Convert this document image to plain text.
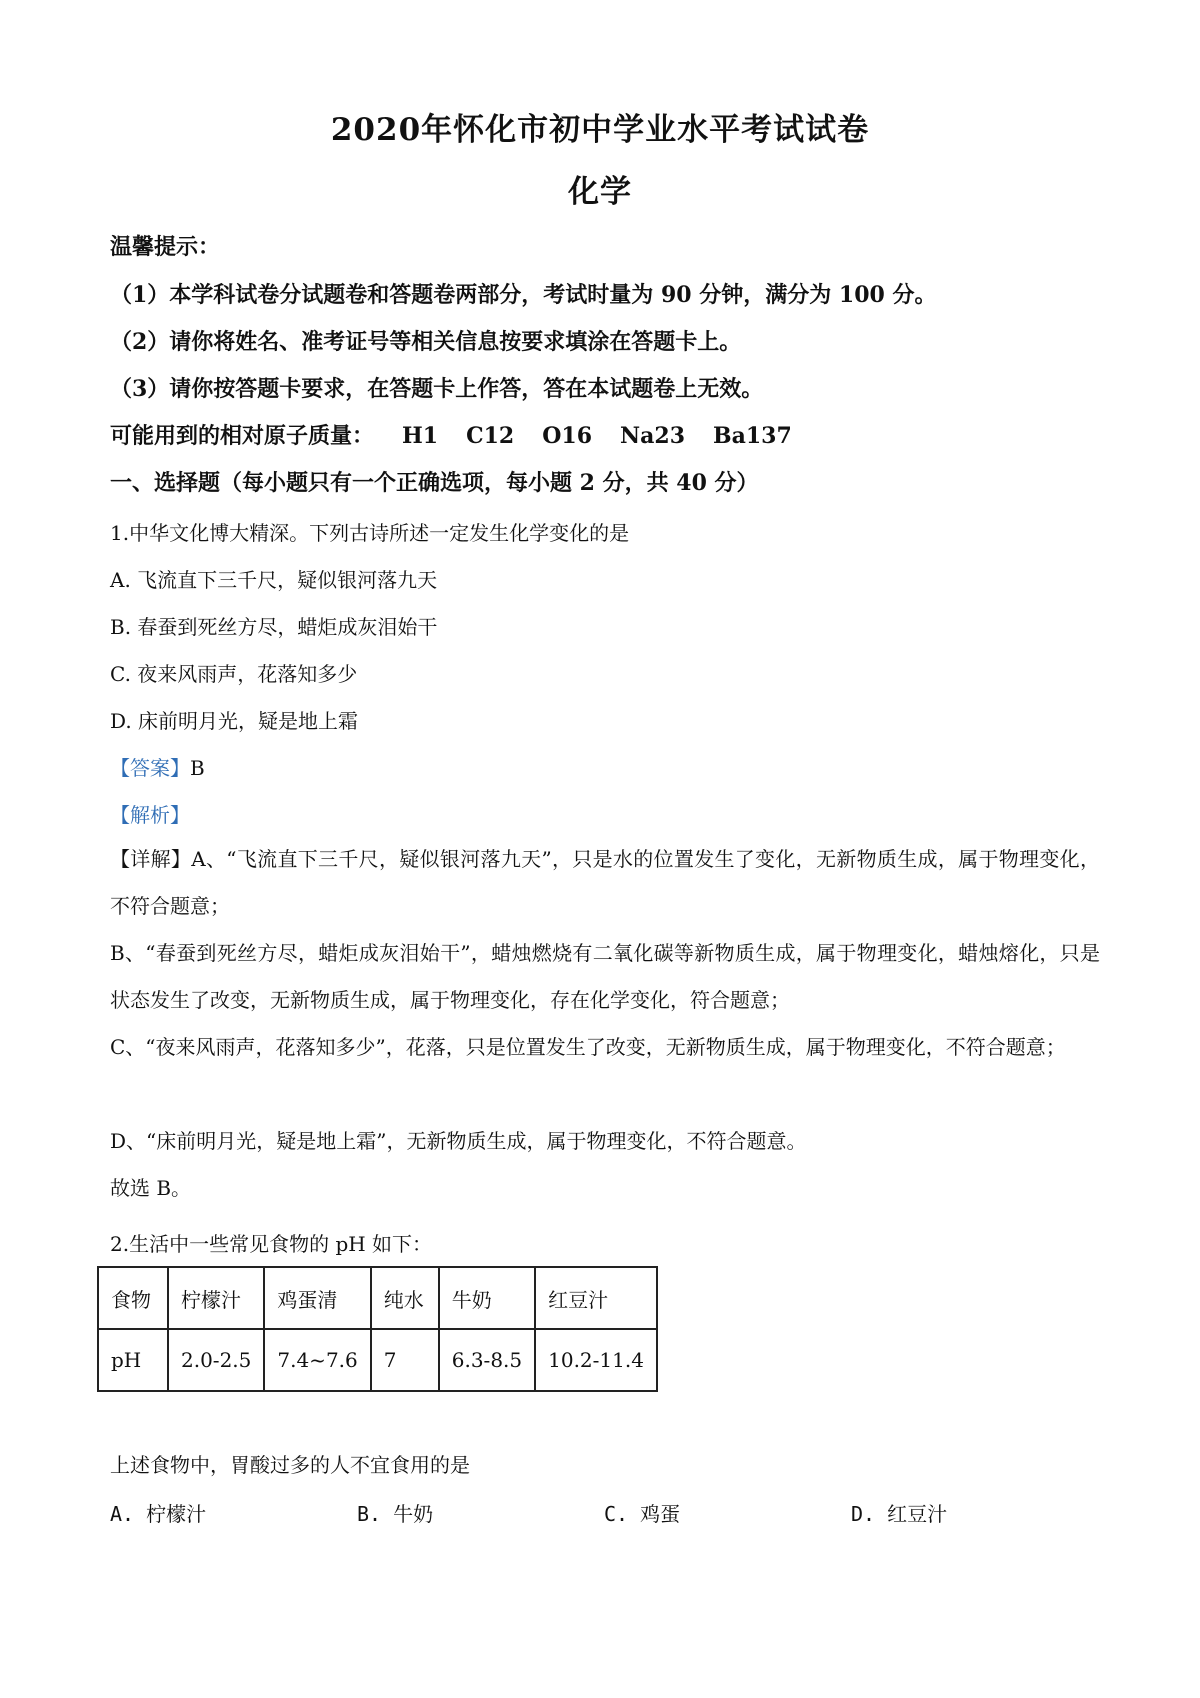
2020年怀化市初中学业水平考试试卷
化学
温馨提示：
（1）本学科试卷分试题卷和答题卷两部分，考试时量为 90 分钟，满分为 100 分。
（2）请你将姓名、准考证号等相关信息按要求填涂在答题卡上。
（3）请你按答题卡要求，在答题卡上作答，答在本试题卷上无效。
可能用到的相对原子质量： H1 C12 O16 Na23 Ba137
一、选择题（每小题只有一个正确选项，每小题 2 分，共 40 分）
1.中华文化博大精深。下列古诗所述一定发生化学变化的是
A. 飞流直下三千尺，疑似银河落九天
B. 春蚕到死丝方尽，蜡炬成灰泪始干
C. 夜来风雨声，花落知多少
D. 床前明月光，疑是地上霜
【答案】B
【解析】
【详解】A、“飞流直下三千尺，疑似银河落九天”，只是水的位置发生了变化，无新物质生成，属于物理变化，不符合题意；
B、“春蚕到死丝方尽，蜡炬成灰泪始干”，蜡烛燃烧有二氧化碳等新物质生成，属于物理变化，蜡烛熔化，只是状态发生了改变，无新物质生成，属于物理变化，存在化学变化，符合题意；
C、“夜来风雨声，花落知多少”，花落，只是位置发生了改变，无新物质生成，属于物理变化，不符合题意；
D、“床前明月光，疑是地上霜”，无新物质生成，属于物理变化，不符合题意。
故选 B。
2.生活中一些常见食物的 pH 如下：
食物	柠檬汁	鸡蛋清	纯水	牛奶	红豆汁
pH	2.0-2.5	7.4~7.6	7	6.3-8.5	10.2-11.4
上述食物中，胃酸过多的人不宜食用的是
A. 柠檬汁	B. 牛奶	C. 鸡蛋	D. 红豆汁
